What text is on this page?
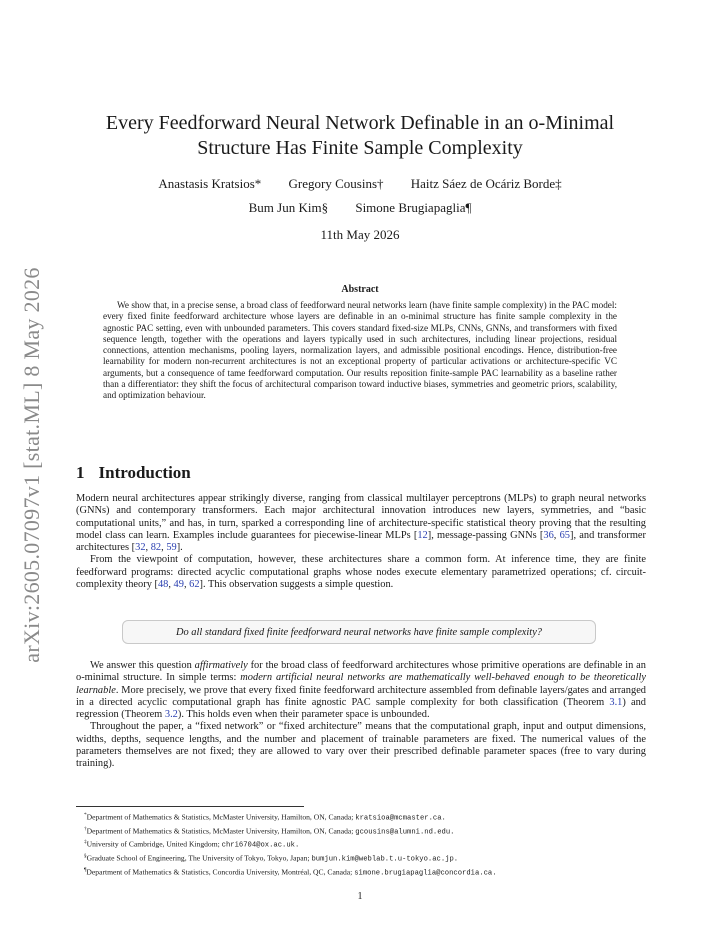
arXiv:2605.07097v1 [stat.ML] 8 May 2026
Every Feedforward Neural Network Definable in an o-Minimal
Structure Has Finite Sample Complexity
Anastasis Kratsios* Gregory Cousins† Haitz Sáez de Ocáriz Borde‡
Bum Jun Kim§ Simone Brugiapaglia¶
11th May 2026
Abstract
We show that, in a precise sense, a broad class of feedforward neural networks learn (have finite sample complexity) in the PAC model: every fixed finite feedforward architecture whose layers are definable in an o-minimal structure has finite sample complexity in the agnostic PAC setting, even with unbounded parameters. This covers standard fixed-size MLPs, CNNs, GNNs, and transformers with fixed sequence length, together with the operations and layers typically used in such architectures, including linear projections, residual connections, attention mechanisms, pooling layers, normalization layers, and admissible positional encodings. Hence, distribution-free learnability for modern non-recurrent architectures is not an exceptional property of particular activations or architecture-specific VC arguments, but a consequence of tame feedforward computation. Our results reposition finite-sample PAC learnability as a baseline rather than a differentiator: they shift the focus of architectural comparison toward inductive biases, symmetries and geometric priors, scalability, and optimization behaviour.
1 Introduction

Modern neural architectures appear strikingly diverse, ranging from classical multilayer perceptrons (MLPs) to graph neural networks (GNNs) and contemporary transformers. Each major architectural innovation introduces new layers, symmetries, and “basic computational units,” and has, in turn, sparked a corresponding line of architecture-specific statistical theory proving that the resulting model class can learn. Examples include guarantees for piecewise-linear MLPs [12], message-passing GNNs [36, 65], and transformer architectures [32, 82, 59].

From the viewpoint of computation, however, these architectures share a common form. At inference time, they are finite feedforward programs: directed acyclic computational graphs whose nodes execute elementary parametrized operations; cf. circuit-complexity theory [48, 49, 62]. This observation suggests a simple question.

Do all standard fixed finite feedforward neural networks have finite sample complexity?

We answer this question affirmatively for the broad class of feedforward architectures whose primitive operations are definable in an o-minimal structure. In simple terms: modern artificial neural networks are mathematically well-behaved enough to be theoretically learnable. More precisely, we prove that every fixed finite feedforward architecture assembled from definable layers/gates and arranged in a directed acyclic computational graph has finite agnostic PAC sample complexity for both classification (Theorem 3.1) and regression (Theorem 3.2). This holds even when their parameter space is unbounded.

Throughout the paper, a “fixed network” or “fixed architecture” means that the computational graph, input and output dimensions, widths, depths, sequence lengths, and the number and placement of trainable parameters are fixed. The numerical values of the parameters themselves are not fixed; they are allowed to vary over their prescribed definable parameter spaces (free to vary during training).

*Department of Mathematics & Statistics, McMaster University, Hamilton, ON, Canada; kratsioa@mcmaster.ca.
†Department of Mathematics & Statistics, McMaster University, Hamilton, ON, Canada; gcousins@alumni.nd.edu.
‡University of Cambridge, United Kingdom; chri6704@ox.ac.uk.
§Graduate School of Engineering, The University of Tokyo, Tokyo, Japan; bumjun.kim@weblab.t.u-tokyo.ac.jp.
¶Department of Mathematics & Statistics, Concordia University, Montréal, QC, Canada; simone.brugiapaglia@concordia.ca.
1
